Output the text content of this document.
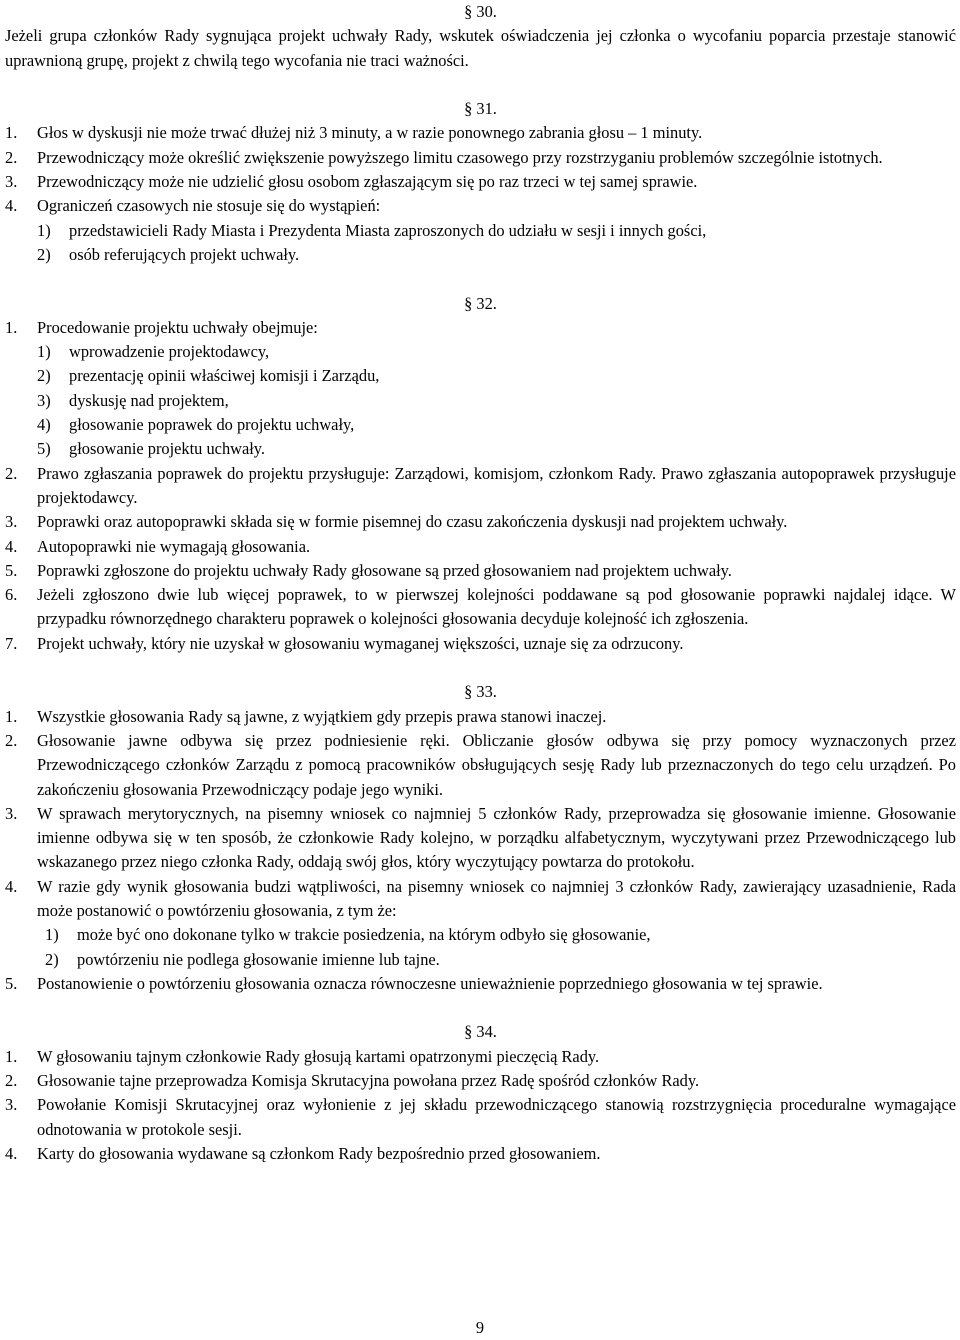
§ 30.
Jeżeli grupa członków Rady sygnująca projekt uchwały Rady, wskutek oświadczenia jej członka o wycofaniu poparcia przestaje stanowić uprawnioną grupę, projekt z chwilą tego wycofania nie traci ważności.
§ 31.
1. Głos w dyskusji nie może trwać dłużej niż 3 minuty, a w razie ponownego zabrania głosu – 1 minuty.
2. Przewodniczący może określić zwiększenie powyższego limitu czasowego przy rozstrzyganiu problemów szczególnie istotnych.
3. Przewodniczący może nie udzielić głosu osobom zgłaszającym się po raz trzeci w tej samej sprawie.
4. Ograniczeń czasowych nie stosuje się do wystąpień:
1) przedstawicieli Rady Miasta i Prezydenta Miasta zaproszonych do udziału w sesji i innych gości,
2) osób referujących projekt uchwały.
§ 32.
1. Procedowanie projektu uchwały obejmuje:
1) wprowadzenie projektodawcy,
2) prezentację opinii właściwej komisji i Zarządu,
3) dyskusję nad projektem,
4) głosowanie poprawek do projektu uchwały,
5) głosowanie projektu uchwały.
2. Prawo zgłaszania poprawek do projektu przysługuje: Zarządowi, komisjom, członkom Rady. Prawo zgłaszania autopoprawek przysługuje projektodawcy.
3. Poprawki oraz autopoprawki składa się w formie pisemnej do czasu zakończenia dyskusji nad projektem uchwały.
4. Autopoprawki nie wymagają głosowania.
5. Poprawki zgłoszone do projektu uchwały Rady głosowane są przed głosowaniem nad projektem uchwały.
6. Jeżeli zgłoszono dwie lub więcej poprawek, to w pierwszej kolejności poddawane są pod głosowanie poprawki najdalej idące. W przypadku równorzędnego charakteru poprawek o kolejności głosowania decyduje kolejność ich zgłoszenia.
7. Projekt uchwały, który nie uzyskał w głosowaniu wymaganej większości, uznaje się za odrzucony.
§ 33.
1. Wszystkie głosowania Rady są jawne, z wyjątkiem gdy przepis prawa stanowi inaczej.
2. Głosowanie jawne odbywa się przez podniesienie ręki. Obliczanie głosów odbywa się przy pomocy wyznaczonych przez Przewodniczącego członków Zarządu z pomocą pracowników obsługujących sesję Rady lub przeznaczonych do tego celu urządzeń. Po zakończeniu głosowania Przewodniczący podaje jego wyniki.
3. W sprawach merytorycznych, na pisemny wniosek co najmniej 5 członków Rady, przeprowadza się głosowanie imienne. Głosowanie imienne odbywa się w ten sposób, że członkowie Rady kolejno, w porządku alfabetycznym, wyczytywani przez Przewodniczącego lub wskazanego przez niego członka Rady, oddają swój głos, który wyczytujący powtarza do protokołu.
4. W razie gdy wynik głosowania budzi wątpliwości, na pisemny wniosek co najmniej 3 członków Rady, zawierający uzasadnienie, Rada może postanowić o powtórzeniu głosowania, z tym że:
1) może być ono dokonane tylko w trakcie posiedzenia, na którym odbyło się głosowanie,
2) powtórzeniu nie podlega głosowanie imienne lub tajne.
5. Postanowienie o powtórzeniu głosowania oznacza równoczesne unieważnienie poprzedniego głosowania w tej sprawie.
§ 34.
1. W głosowaniu tajnym członkowie Rady głosują kartami opatrzonymi pieczęcią Rady.
2. Głosowanie tajne przeprowadza Komisja Skrutacyjna powołana przez Radę spośród członków Rady.
3. Powołanie Komisji Skrutacyjnej oraz wyłonienie z jej składu przewodniczącego stanowią rozstrzygnięcia proceduralne wymagające odnotowania w protokole sesji.
4. Karty do głosowania wydawane są członkom Rady bezpośrednio przed głosowaniem.
9
